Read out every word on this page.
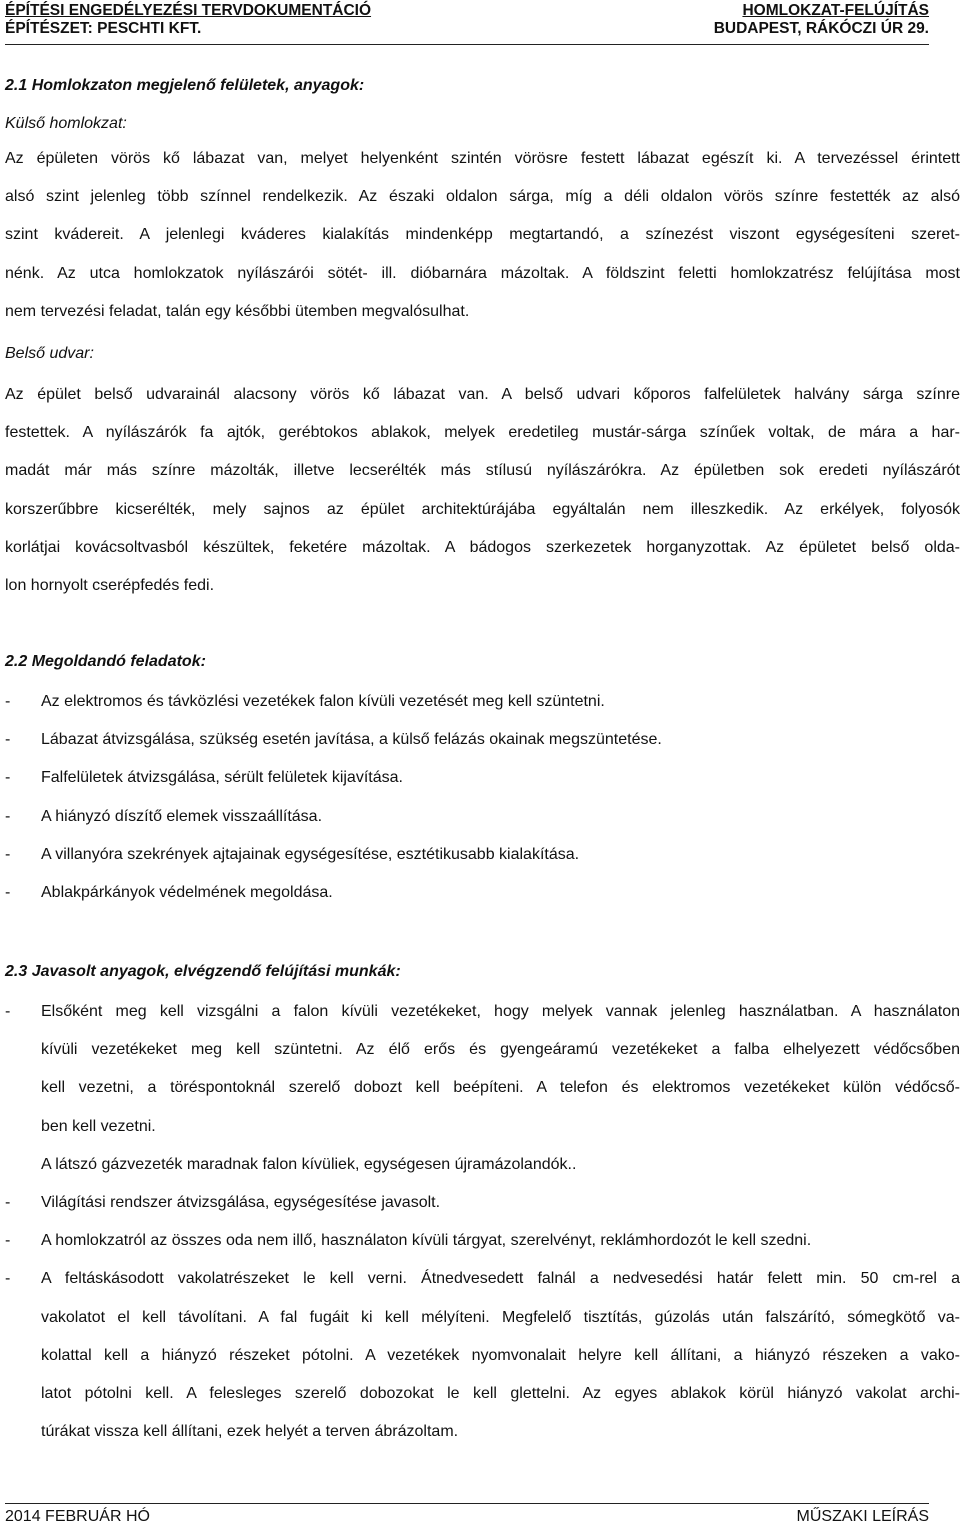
ÉPÍTÉSI ENGEDÉLYEZÉSI TERVDOKUMENTÁCIÓ	HOMLOKZAT-FELÚJÍTÁS
ÉPÍTÉSZET: PESCHTI KFT.	BUDAPEST, RÁKÓCZI ÚR 29.
2.1 Homlokzaton megjelenő felületek, anyagok:
Külső homlokzat:
Az épületen vörös kő lábazat van, melyet helyenként szintén vörösre festett lábazat egészít ki. A tervezéssel érintett
alsó szint jelenleg több színnel rendelkezik. Az északi oldalon sárga, míg a déli oldalon vörös színre festették az alsó
szint kvádereit. A jelenlegi kváderes kialakítás mindenképp megtartandó, a színezést viszont egységesíteni szeret-
nénk. Az utca homlokzatok nyílászárói sötét- ill. dióbarnára mázoltak. A földszint feletti homlokzatrész felújítása most
nem tervezési feladat, talán egy későbbi ütemben megvalósulhat.
Belső udvar:
Az épület belső udvarainál alacsony vörös kő lábazat van. A belső udvari kőporos falfelületek halvány sárga színre
festettek. A nyílászárók fa ajtók, gerébtokos ablakok, melyek eredetileg mustár-sárga színűek voltak, de mára a har-
madát már más színre mázolták, illetve lecserélték más stílusú nyílászárókra. Az épületben sok eredeti nyílászárót
korszerűbbre kicserélték, mely sajnos az épület architektúrájába egyáltalán nem illeszkedik. Az erkélyek, folyosók
korlátjai kovácsoltvasból készültek, feketére mázoltak. A bádogos szerkezetek horganyzottak. Az épületet belső olda-
lon hornyolt cserépfedés fedi.
2.2 Megoldandó feladatok:
- Az elektromos és távközlési vezetékek falon kívüli vezetését meg kell szüntetni.
- Lábazat átvizsgálása, szükség esetén javítása, a külső felázás okainak megszüntetése.
- Falfelületek átvizsgálása, sérült felületek kijavítása.
- A hiányzó díszítő elemek visszaállítása.
- A villanyóra szekrények ajtajainak egységesítése, esztétikusabb kialakítása.
- Ablakpárkányok védelmének megoldása.
2.3 Javasolt anyagok, elvégzendő felújítási munkák:
- Elsőként meg kell vizsgálni a falon kívüli vezetékeket, hogy melyek vannak jelenleg használatban. A használaton
kívüli vezetékeket meg kell szüntetni. Az élő erős és gyengeáramú vezetékeket a falba elhelyezett védőcsőben
kell vezetni, a töréspontoknál szerelő dobozt kell beépíteni. A telefon és elektromos vezetékeket külön védőcső-
ben kell vezetni.
A látszó gázvezeték maradnak falon kívüliek, egységesen újramázolandók..
- Világítási rendszer átvizsgálása, egységesítése javasolt.
- A homlokzatról az összes oda nem illő, használaton kívüli tárgyat, szerelvényt, reklámhordozót le kell szedni.
- A feltáskásodott vakolatrészeket le kell verni. Átnedvesedett falnál a nedvesedési határ felett min. 50 cm-rel a
vakolatot el kell távolítani. A fal fugáit ki kell mélyíteni. Megfelelő tisztítás, gúzolás után falszárító, sómegkötő va-
kolattal kell a hiányzó részeket pótolni. A vezetékek nyomvonalait helyre kell állítani, a hiányzó részeken a vako-
latot pótolni kell. A felesleges szerelő dobozokat le kell glettelni. Az egyes ablakok körül hiányzó vakolat archi-
túrákat vissza kell állítani, ezek helyét a terven ábrázoltam.
2014 FEBRUÁR HÓ	MŰSZAKI LEÍRÁS
